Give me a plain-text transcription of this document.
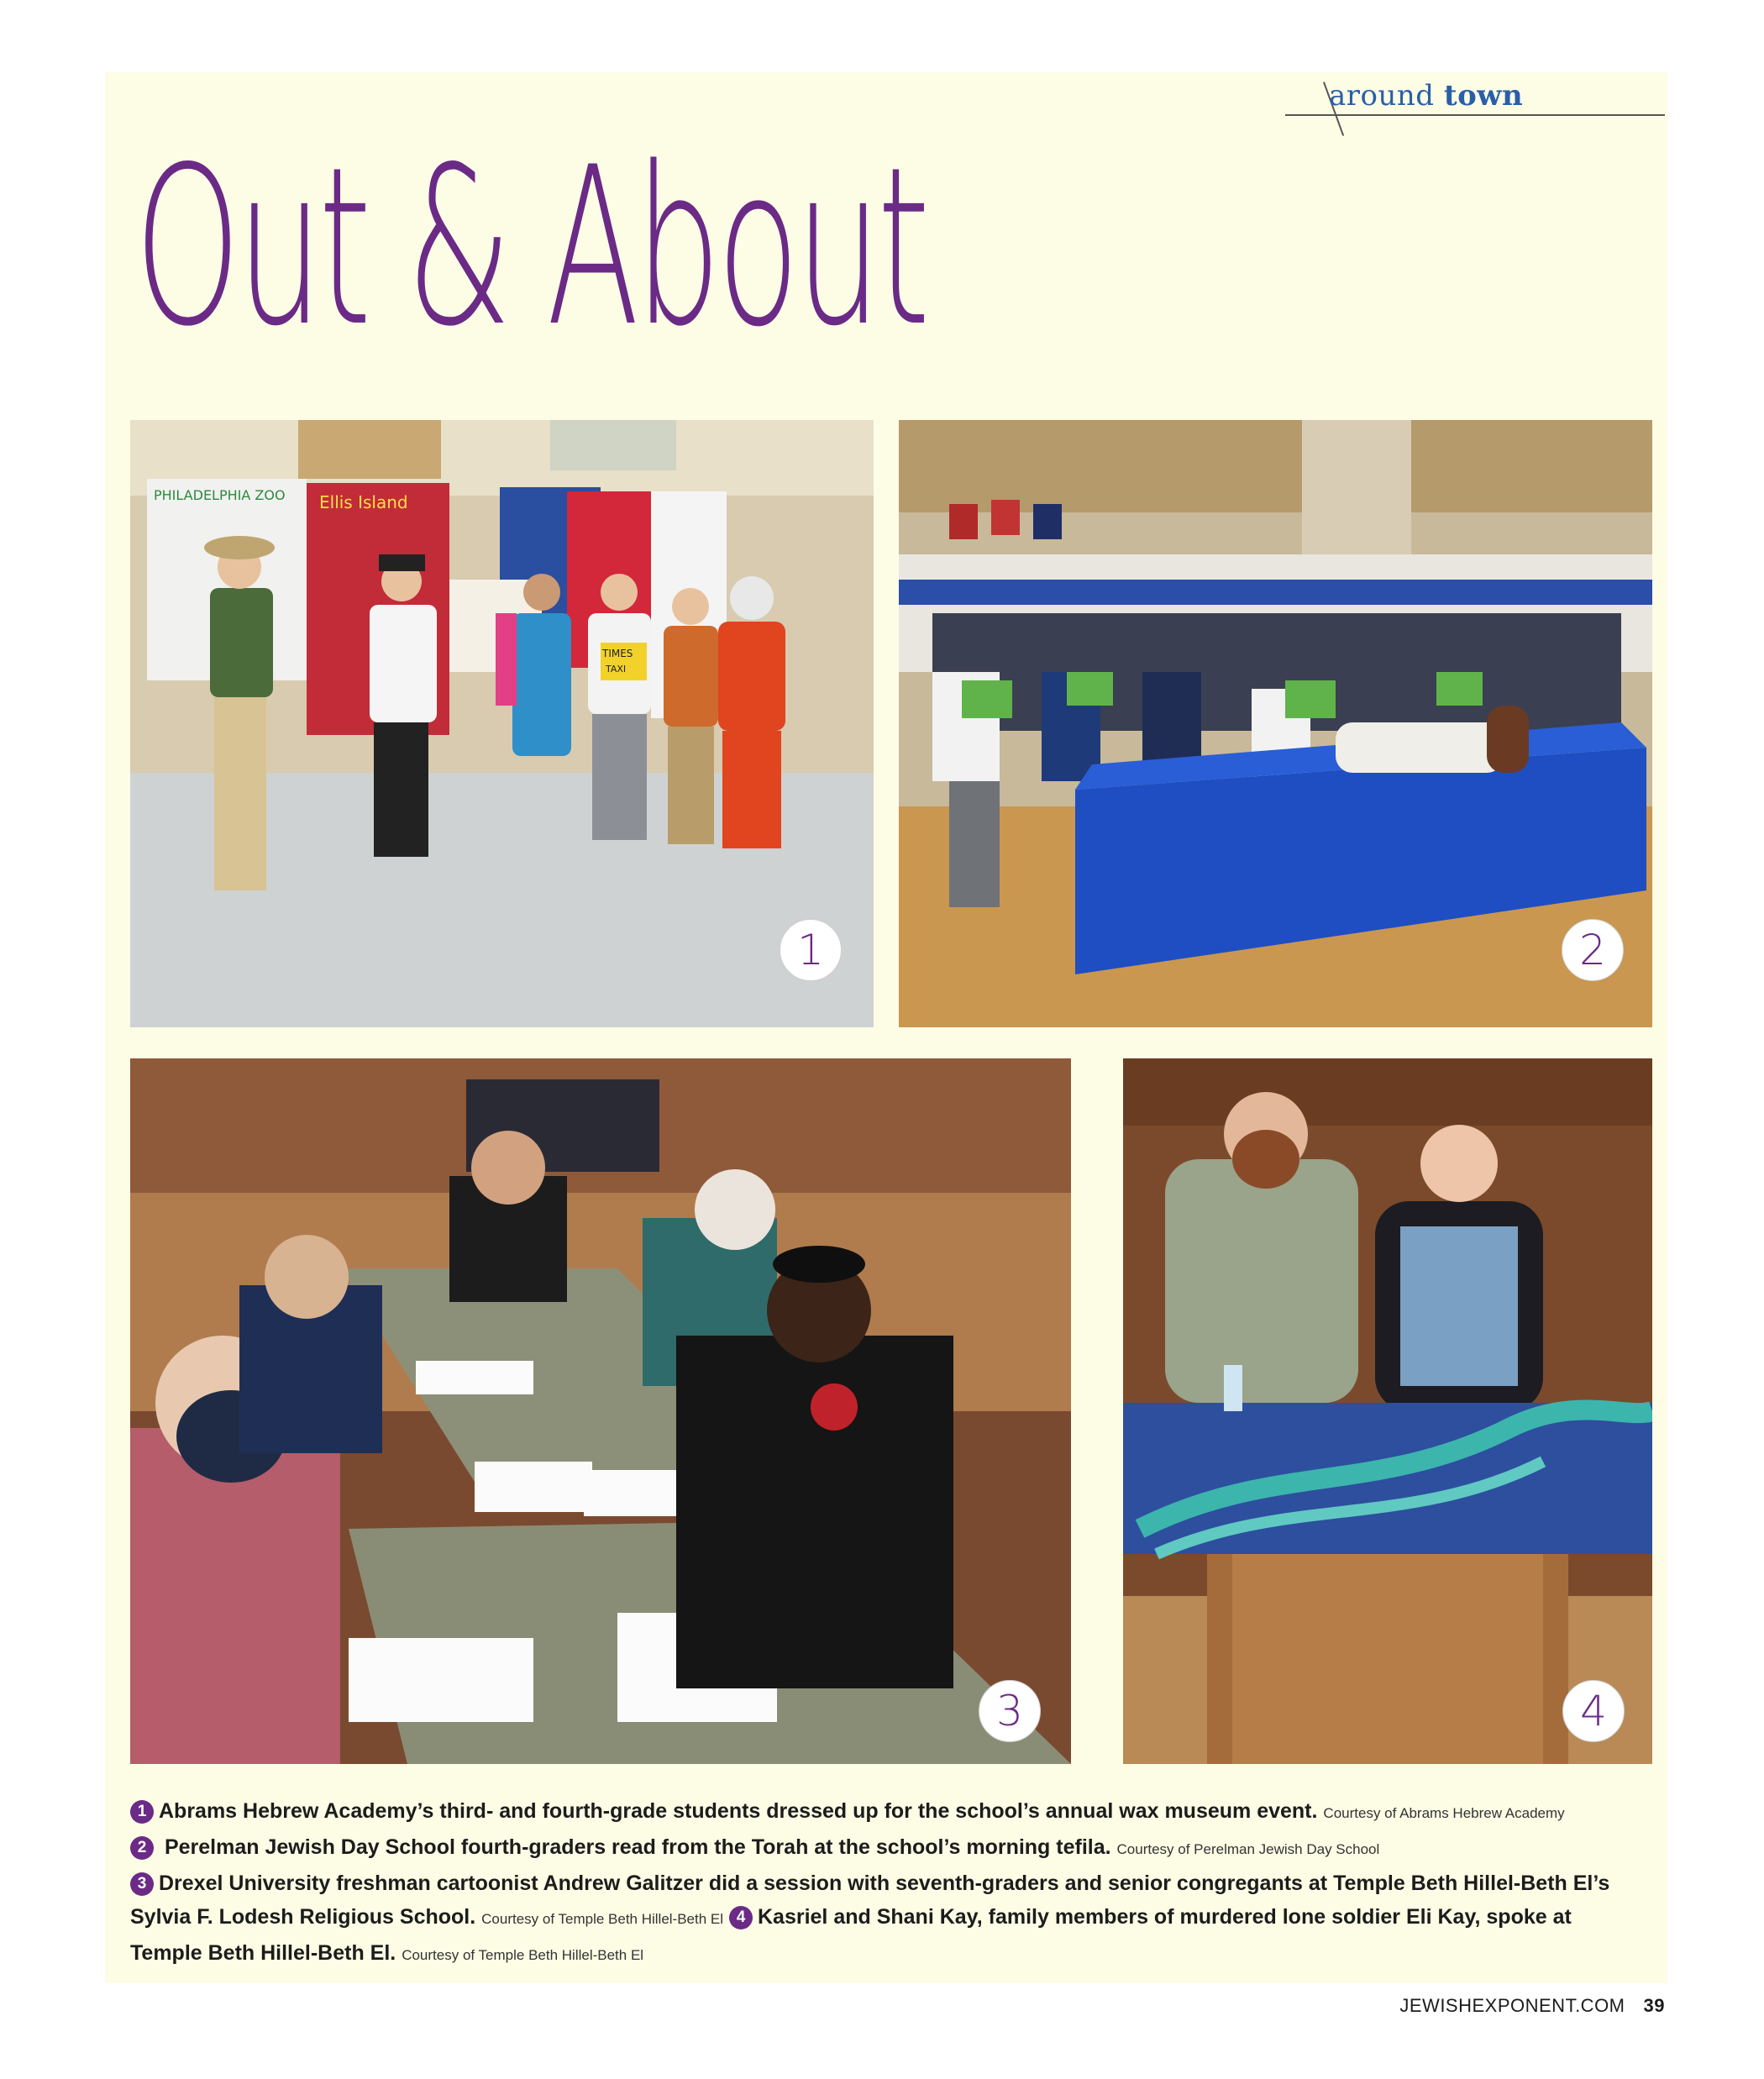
around town
Out & About
PHILADELPHIA ZOO Ellis Island
TIMES
TAXI
1	2
3	4
1 Abrams Hebrew Academy’s third- and fourth-grade students dressed up for the school’s annual wax museum event. Courtesy of Abrams Hebrew Academy
2 Perelman Jewish Day School fourth-graders read from the Torah at the school’s morning tefila. Courtesy of Perelman Jewish Day School
3 Drexel University freshman cartoonist Andrew Galitzer did a session with seventh-graders and senior congregants at Temple Beth Hillel-Beth El’s Sylvia F. Lodesh Religious School. Courtesy of Temple Beth Hillel-Beth El 4 Kasriel and Shani Kay, family members of murdered lone soldier Eli Kay, spoke at Temple Beth Hillel-Beth El. Courtesy of Temple Beth Hillel-Beth El
JEWISHEXPONENT.COM 39
